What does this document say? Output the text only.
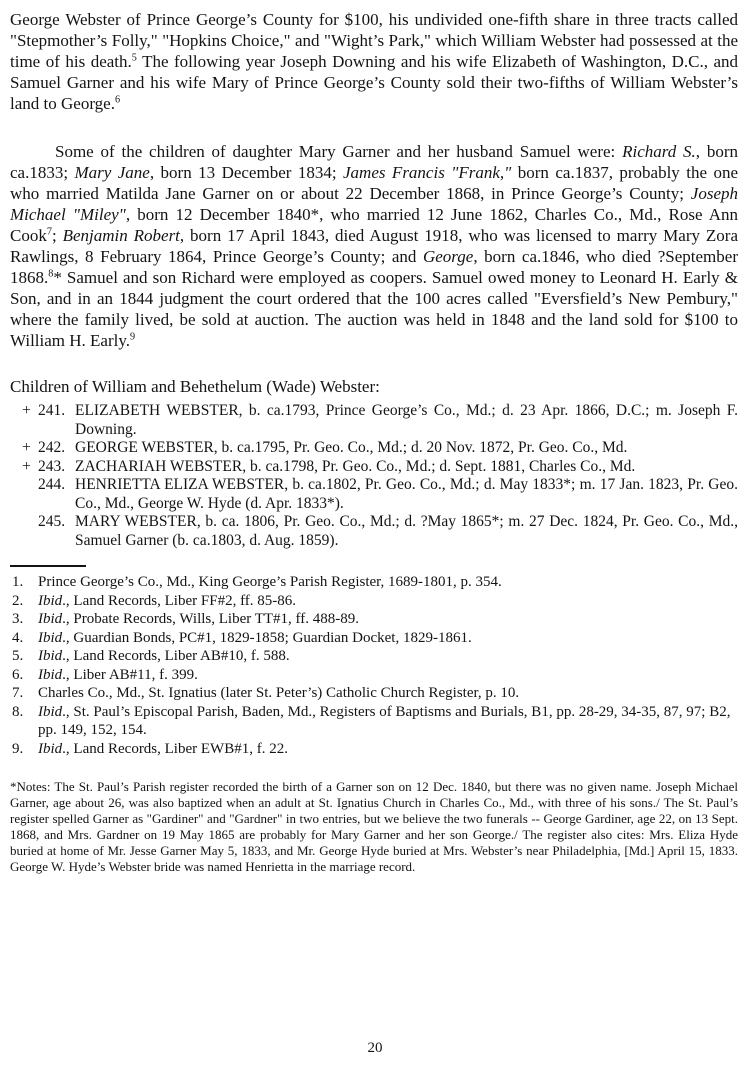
George Webster of Prince George’s County for $100, his undivided one-fifth share in three tracts called "Stepmother’s Folly," "Hopkins Choice," and "Wight’s Park," which William Webster had possessed at the time of his death.$^5$ The following year Joseph Downing and his wife Elizabeth of Washington, D.C., and Samuel Garner and his wife Mary of Prince George’s County sold their two-fifths of William Webster’s land to George.$^6$

Some of the children of daughter Mary Garner and her husband Samuel were: Richard S., born ca.1833; Mary Jane, born 13 December 1834; James Francis "Frank," born ca.1837, probably the one who married Matilda Jane Garner on or about 22 December 1868, in Prince George’s County; Joseph Michael "Miley", born 12 December 1840*, who married 12 June 1862, Charles Co., Md., Rose Ann Cook$^7$; Benjamin Robert, born 17 April 1843, died August 1918, who was licensed to marry Mary Zora Rawlings, 8 February 1864, Prince George’s County; and George, born ca.1846, who died ?September 1868.$^8$* Samuel and son Richard were employed as coopers. Samuel owed money to Leonard H. Early & Son, and in an 1844 judgment the court ordered that the 100 acres called "Eversfield’s New Pembury," where the family lived, be sold at auction. The auction was held in 1848 and the land sold for $100 to William H. Early.$^9$

Children of William and Behethelum (Wade) Webster:
+ 241. ELIZABETH WEBSTER, b. ca.1793, Prince George’s Co., Md.; d. 23 Apr. 1866, D.C.; m. Joseph F. Downing.
+ 242. GEORGE WEBSTER, b. ca.1795, Pr. Geo. Co., Md.; d. 20 Nov. 1872, Pr. Geo. Co., Md.
+ 243. ZACHARIAH WEBSTER, b. ca.1798, Pr. Geo. Co., Md.; d. Sept. 1881, Charles Co., Md.
244. HENRIETTA ELIZA WEBSTER, b. ca.1802, Pr. Geo. Co., Md.; d. May 1833*; m. 17 Jan. 1823, Pr. Geo. Co., Md., George W. Hyde (d. Apr. 1833*).
245. MARY WEBSTER, b. ca. 1806, Pr. Geo. Co., Md.; d. ?May 1865*; m. 27 Dec. 1824, Pr. Geo. Co., Md., Samuel Garner (b. ca.1803, d. Aug. 1859).
1. Prince George’s Co., Md., King George’s Parish Register, 1689-1801, p. 354.
2. Ibid., Land Records, Liber FF#2, ff. 85-86.
3. Ibid., Probate Records, Wills, Liber TT#1, ff. 488-89.
4. Ibid., Guardian Bonds, PC#1, 1829-1858; Guardian Docket, 1829-1861.
5. Ibid., Land Records, Liber AB#10, f. 588.
6. Ibid., Liber AB#11, f. 399.
7. Charles Co., Md., St. Ignatius (later St. Peter’s) Catholic Church Register, p. 10.
8. Ibid., St. Paul’s Episcopal Parish, Baden, Md., Registers of Baptisms and Burials, B1, pp. 28-29, 34-35, 87, 97; B2, pp. 149, 152, 154.
9. Ibid., Land Records, Liber EWB#1, f. 22.

*Notes: The St. Paul’s Parish register recorded the birth of a Garner son on 12 Dec. 1840, but there was no given name. Joseph Michael Garner, age about 26, was also baptized when an adult at St. Ignatius Church in Charles Co., Md., with three of his sons./ The St. Paul’s register spelled Garner as "Gardiner" and "Gardner" in two entries, but we believe the two funerals -- George Gardiner, age 22, on 13 Sept. 1868, and Mrs. Gardner on 19 May 1865 are probably for Mary Garner and her son George./ The register also cites: Mrs. Eliza Hyde buried at home of Mr. Jesse Garner May 5, 1833, and Mr. George Hyde buried at Mrs. Webster’s near Philadelphia, [Md.] April 15, 1833. George W. Hyde’s Webster bride was named Henrietta in the marriage record.

20
